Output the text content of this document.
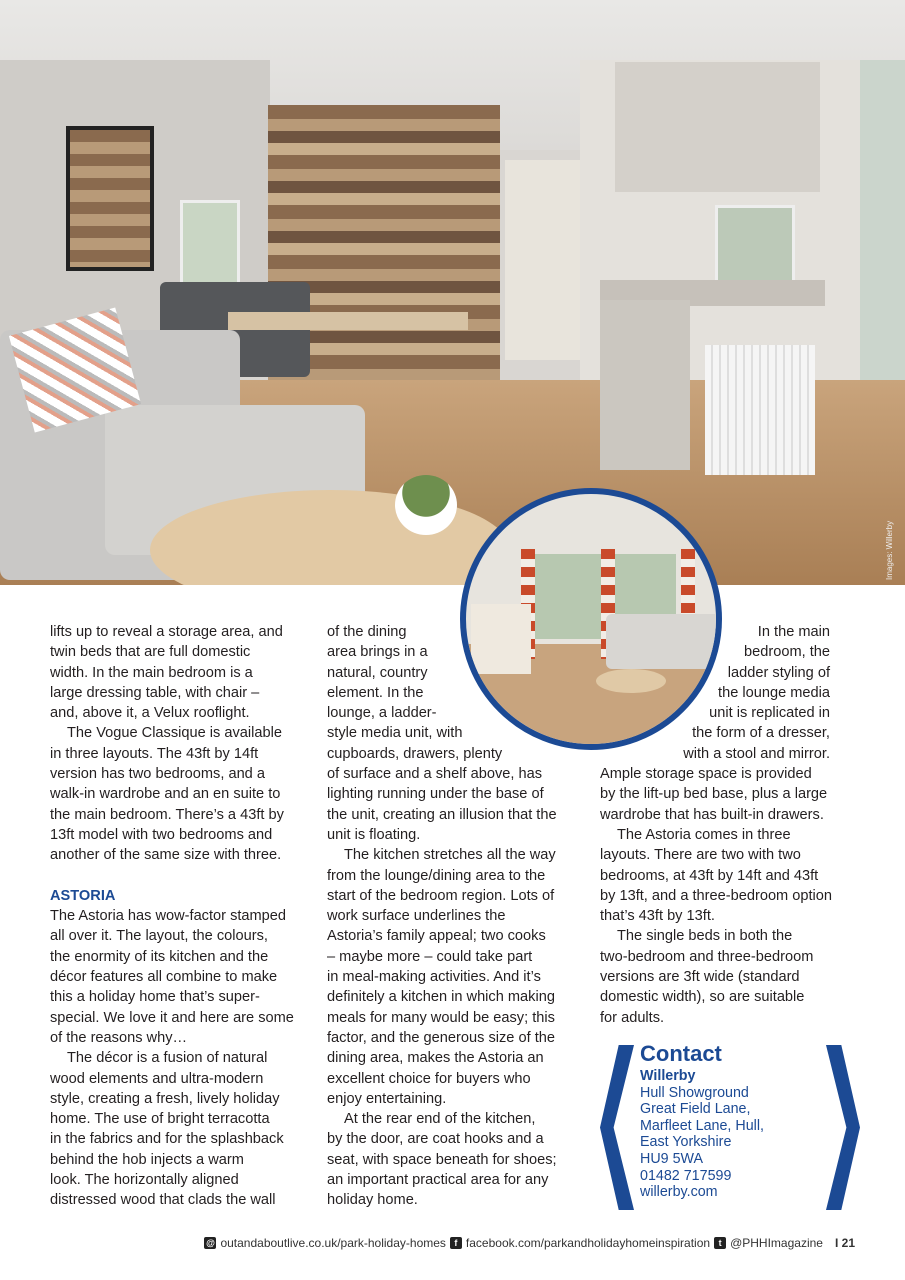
Images: Willerby
lifts up to reveal a storage area, and
twin beds that are full domestic
width. In the main bedroom is a
large dressing table, with chair –
and, above it, a Velux rooflight.
The Vogue Classique is available
in three layouts. The 43ft by 14ft
version has two bedrooms, and a
walk-in wardrobe and an en suite to
the main bedroom. There’s a 43ft by
13ft model with two bedrooms and
another of the same size with three.
ASTORIA
The Astoria has wow-factor stamped
all over it. The layout, the colours,
the enormity of its kitchen and the
décor features all combine to make
this a holiday home that’s super-
special. We love it and here are some
of the reasons why…
The décor is a fusion of natural
wood elements and ultra-modern
style, creating a fresh, lively holiday
home. The use of bright terracotta
in the fabrics and for the splashback
behind the hob injects a warm
look. The horizontally aligned
distressed wood that clads the wall
of the dining
area brings in a
natural, country
element. In the
lounge, a ladder-
style media unit, with
cupboards, drawers, plenty
of surface and a shelf above, has
lighting running under the base of
the unit, creating an illusion that the
unit is floating.
The kitchen stretches all the way
from the lounge/dining area to the
start of the bedroom region. Lots of
work surface underlines the
Astoria’s family appeal; two cooks
– maybe more – could take part
in meal-making activities. And it’s
definitely a kitchen in which making
meals for many would be easy; this
factor, and the generous size of the
dining area, makes the Astoria an
excellent choice for buyers who
enjoy entertaining.
At the rear end of the kitchen,
by the door, are coat hooks and a
seat, with space beneath for shoes;
an important practical area for any
holiday home.
In the main
bedroom, the
ladder styling of
the lounge media
unit is replicated in
the form of a dresser,
with a stool and mirror.
Ample storage space is provided
by the lift-up bed base, plus a large
wardrobe that has built-in drawers.
The Astoria comes in three
layouts. There are two with two
bedrooms, at 43ft by 14ft and 43ft
by 13ft, and a three-bedroom option
that’s 43ft by 13ft.
The single beds in both the
two-bedroom and three-bedroom
versions are 3ft wide (standard
domestic width), so are suitable
for adults.
Contact
Willerby
Hull Showground
Great Field Lane,
Marfleet Lane, Hull,
East Yorkshire
HU9 5WA
01482 717599
willerby.com
@ outandaboutlive.co.uk/park-holiday-homes f facebook.com/parkandholidayhomeinspiration t @PHHImagazine I 21
